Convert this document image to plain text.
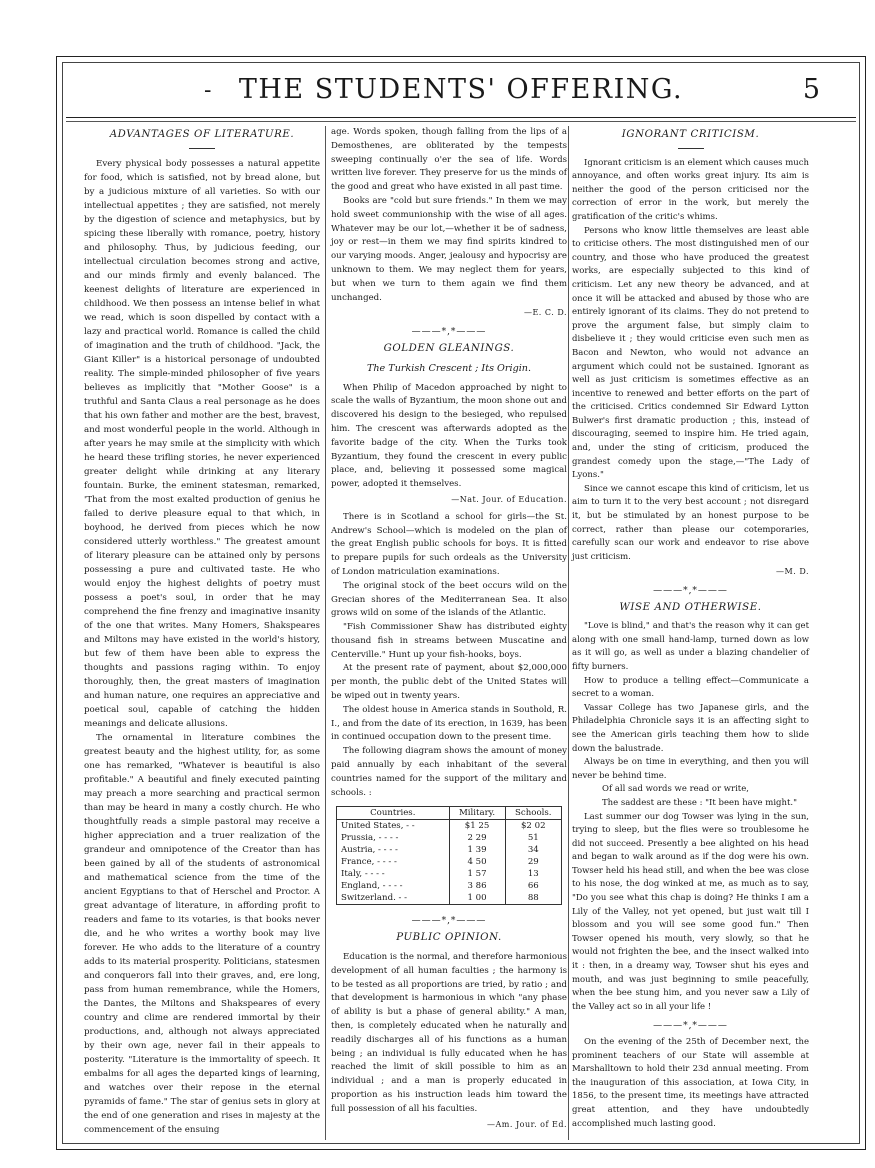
-	THE STUDENTS' OFFERING.	5
ADVANTAGES OF LITERATURE.

Every physical body possesses a natural appetite for food, which is satisfied, not by bread alone, but by a judicious mixture of all varieties. So with our intellectual appetites ; they are satisfied, not merely by the digestion of science and metaphysics, but by spicing these liberally with romance, poetry, history and philosophy. Thus, by judicious feeding, our intellectual circulation becomes strong and active, and our minds firmly and evenly balanced. The keenest delights of literature are experienced in childhood. We then possess an intense belief in what we read, which is soon dispelled by contact with a lazy and practical world. Romance is called the child of imagination and the truth of childhood. "Jack, the Giant Killer" is a historical personage of undoubted reality. The simple-minded philosopher of five years believes as implicitly that "Mother Goose" is a truthful and Santa Claus a real personage as he does that his own father and mother are the best, bravest, and most wonderful people in the world. Although in after years he may smile at the simplicity with which he heard these trifling stories, he never experienced greater delight while drinking at any literary fountain. Burke, the eminent statesman, remarked, 'That from the most exalted production of genius he failed to derive pleasure equal to that which, in boyhood, he derived from pieces which he now considered utterly worthless." The greatest amount of literary pleasure can be attained only by persons possessing a pure and cultivated taste. He who would enjoy the highest delights of poetry must possess a poet's soul, in order that he may comprehend the fine frenzy and imaginative insanity of the one that writes. Many Homers, Shakspeares and Miltons may have existed in the world's history, but few of them have been able to express the thoughts and passions raging within. To enjoy thoroughly, then, the great masters of imagination and human nature, one requires an appreciative and poetical soul, capable of catching the hidden meanings and delicate allusions.

The ornamental in literature combines the greatest beauty and the highest utility, for, as some one has remarked, "Whatever is beautiful is also profitable." A beautiful and finely executed painting may preach a more searching and practical sermon than may be heard in many a costly church. He who thoughtfully reads a simple pastoral may receive a higher appreciation and a truer realization of the grandeur and omnipotence of the Creator than has been gained by all of the students of astronomical and mathematical science from the time of the ancient Egyptians to that of Herschel and Proctor. A great advantage of literature, in affording profit to readers and fame to its votaries, is that books never die, and he who writes a worthy book may live forever. He who adds to the literature of a country adds to its material prosperity. Politicians, statesmen and conquerors fall into their graves, and, ere long, pass from human remembrance, while the Homers, the Dantes, the Miltons and Shakspeares of every country and clime are rendered immortal by their productions, and, although not always appreciated by their own age, never fail in their appeals to posterity. "Literature is the immortality of speech. It embalms for all ages the departed kings of learning, and watches over their repose in the eternal pyramids of fame." The star of genius sets in glory at the end of one generation and rises in majesty at the commencement of the ensuing

age. Words spoken, though falling from the lips of a Demosthenes, are obliterated by the tempests sweeping continually o'er the sea of life. Words written live forever. They preserve for us the minds of the good and great who have existed in all past time.

Books are "cold but sure friends." In them we may hold sweet communionship with the wise of all ages. Whatever may be our lot,—whether it be of sadness, joy or rest—in them we may find spirits kindred to our varying moods. Anger, jealousy and hypocrisy are unknown to them. We may neglect them for years, but when we turn to them again we find them unchanged.

—E. C. D.
———*,*———
GOLDEN GLEANINGS.
The Turkish Crescent ; Its Origin.

When Philip of Macedon approached by night to scale the walls of Byzantium, the moon shone out and discovered his design to the besieged, who repulsed him. The crescent was afterwards adopted as the favorite badge of the city. When the Turks took Byzantium, they found the crescent in every public place, and, believing it possessed some magical power, adopted it themselves.

—Nat. Jour. of Education.

There is in Scotland a school for girls—the St. Andrew's School—which is modeled on the plan of the great English public schools for boys. It is fitted to prepare pupils for such ordeals as the University of London matriculation examinations.

The original stock of the beet occurs wild on the Grecian shores of the Mediterranean Sea. It also grows wild on some of the islands of the Atlantic.

"Fish Commissioner Shaw has distributed eighty thousand fish in streams between Muscatine and Centerville." Hunt up your fish-hooks, boys.

At the present rate of payment, about $2,000,000 per month, the public debt of the United States will be wiped out in twenty years.

The oldest house in America stands in Southold, R. I., and from the date of its erection, in 1639, has been in continued occupation down to the present time.

The following diagram shows the amount of money paid annually by each inhabitant of the several countries named for the support of the military and schools. :

Countries.	Military.	Schools.
United States, - -	$1 25	$2 02
Prussia, - - - -	2 29	51
Austria, - - - -	1 39	34
France, - - - -	4 50	29
Italy, - - - -	1 57	13
England, - - - -	3 86	66
Switzerland. - -	1 00	88
———*,*———
PUBLIC OPINION.

Education is the normal, and therefore harmonious development of all human faculties ; the harmony is to be tested as all proportions are tried, by ratio ; and that development is harmonious in which "any phase of ability is but a phase of general ability." A man, then, is completely educated when he naturally and readily discharges all of his functions as a human being ; an individual is fully educated when he has reached the limit of skill possible to him as an individual ; and a man is properly educated in proportion as his instruction leads him toward the full possession of all his faculties.

—Am. Jour. of Ed.
IGNORANT CRITICISM.

Ignorant criticism is an element which causes much annoyance, and often works great injury. Its aim is neither the good of the person criticised nor the correction of error in the work, but merely the gratification of the critic's whims.

Persons who know little themselves are least able to criticise others. The most distinguished men of our country, and those who have produced the greatest works, are especially subjected to this kind of criticism. Let any new theory be advanced, and at once it will be attacked and abused by those who are entirely ignorant of its claims. They do not pretend to prove the argument false, but simply claim to disbelieve it ; they would criticise even such men as Bacon and Newton, who would not advance an argument which could not be sustained. Ignorant as well as just criticism is sometimes effective as an incentive to renewed and better efforts on the part of the criticised. Critics condemned Sir Edward Lytton Bulwer's first dramatic production ; this, instead of discouraging, seemed to inspire him. He tried again, and, under the sting of criticism, produced the grandest comedy upon the stage,—"The Lady of Lyons."

Since we cannot escape this kind of criticism, let us aim to turn it to the very best account ; not disregard it, but be stimulated by an honest purpose to be correct, rather than please our cotemporaries, carefully scan our work and endeavor to rise above just criticism.

—M. D.
———*,*———
WISE AND OTHERWISE.

"Love is blind," and that's the reason why it can get along with one small hand-lamp, turned down as low as it will go, as well as under a blazing chandelier of fifty burners.

How to produce a telling effect—Communicate a secret to a woman.

Vassar College has two Japanese girls, and the Philadelphia Chronicle says it is an affecting sight to see the American girls teaching them how to slide down the balustrade.

Always be on time in everything, and then you will never be behind time.

Of all sad words we read or write,

The saddest are these : "It been have might."

Last summer our dog Towser was lying in the sun, trying to sleep, but the flies were so troublesome he did not succeed. Presently a bee alighted on his head and began to walk around as if the dog were his own. Towser held his head still, and when the bee was close to his nose, the dog winked at me, as much as to say, "Do you see what this chap is doing? He thinks I am a Lily of the Valley, not yet opened, but just wait till I blossom and you will see some good fun." Then Towser opened his mouth, very slowly, so that he would not frighten the bee, and the insect walked into it : then, in a dreamy way, Towser shut his eyes and mouth, and was just beginning to smile peacefully, when the bee stung him, and you never saw a Lily of the Valley act so in all your life !

———*,*———

On the evening of the 25th of December next, the prominent teachers of our State will assemble at Marshalltown to hold their 23d annual meeting. From the inauguration of this association, at Iowa City, in 1856, to the present time, its meetings have attracted great attention, and they have undoubtedly accomplished much lasting good.
